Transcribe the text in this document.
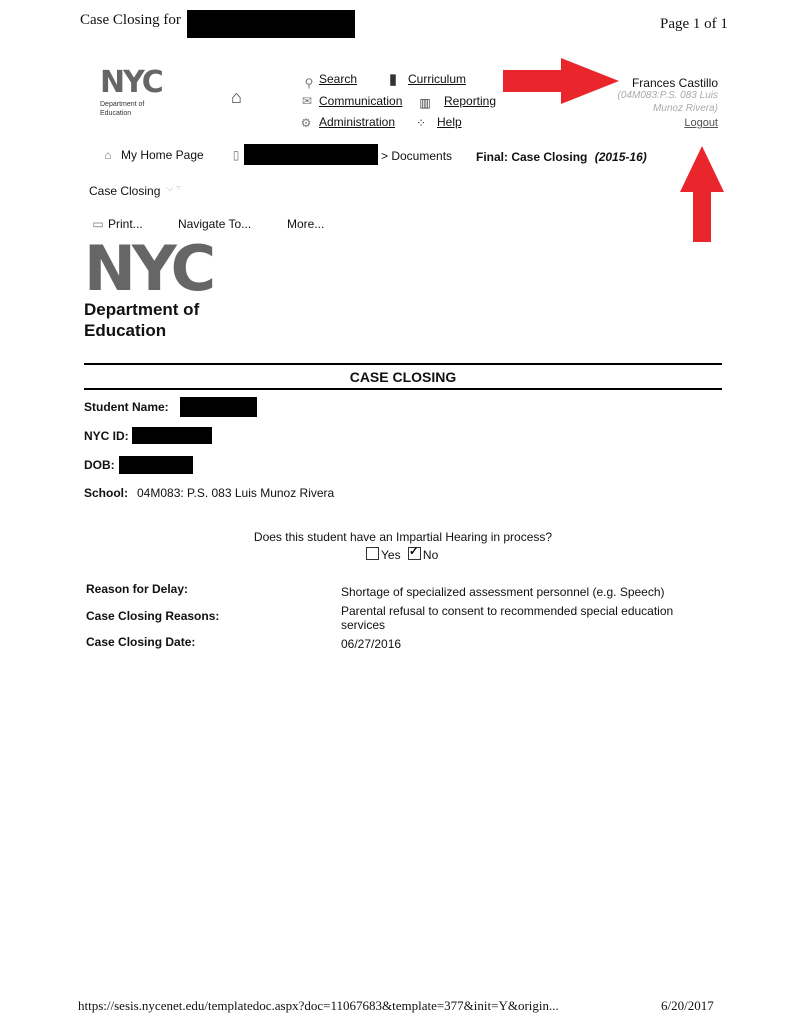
Case Closing for	Page 1 of 1
NYC
Department of
Education
⌂
⚲ Search ▮ Curriculum
✉ Communication ▥ Reporting
⚙ Administration ⁘ Help
Frances Castillo
(04M083:P.S. 083 Luis
Munoz Rivera)
Logout
⌂ My Home Page	▯	> Documents Final: Case Closing (2015-16)
Case Closing ⌵ ▿
▭ Print...	Navigate To...	More...
NYC
Department of
Education
CASE CLOSING
Student Name:
NYC ID:
DOB:
School: 04M083: P.S. 083 Luis Munoz Rivera
Does this student have an Impartial Hearing in process?
Yes ✓ No
Reason for Delay:	Shortage of specialized assessment personnel (e.g. Speech)
Case Closing Reasons:	Parental refusal to consent to recommended special education
services
Case Closing Date:	06/27/2016
https://sesis.nycenet.edu/templatedoc.aspx?doc=11067683&template=377&init=Y&origin...	6/20/2017
